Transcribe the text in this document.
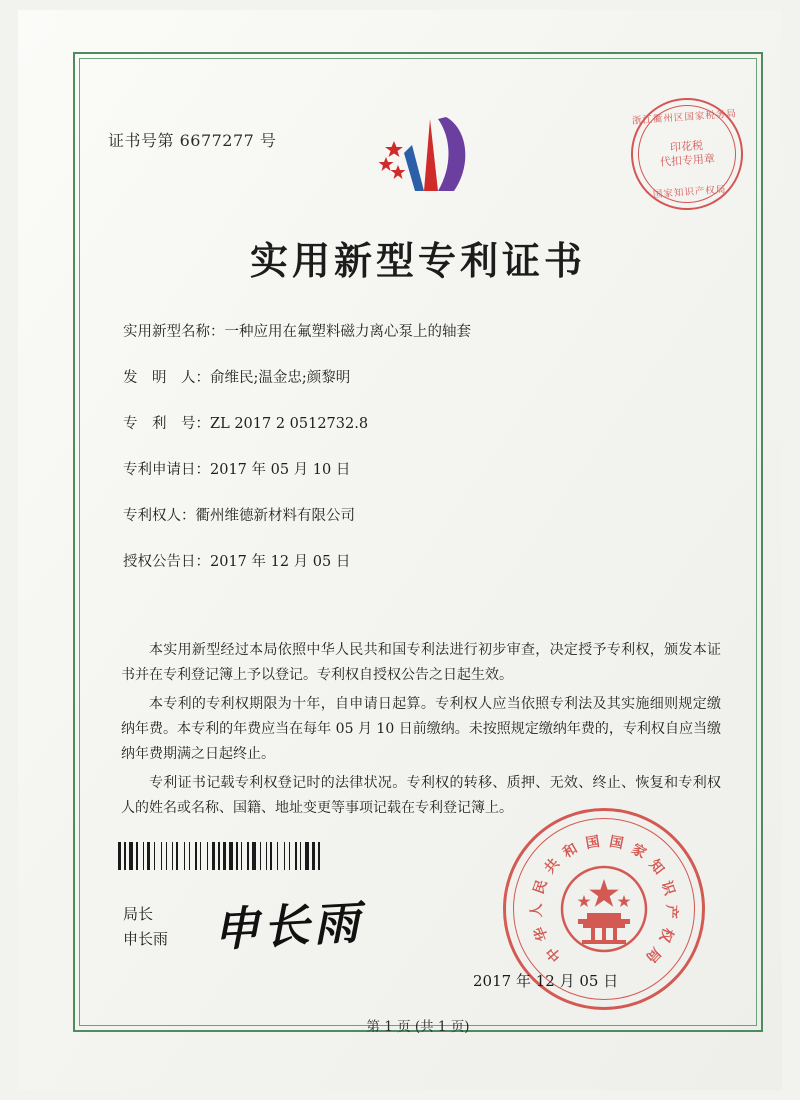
证书号第 6677277 号
浙江衢州区国家税务局
印花税
代扣专用章
国家知识产权局
实用新型专利证书
实用新型名称：一种应用在氟塑料磁力离心泵上的轴套
发　明　人：俞维民;温金忠;颜黎明
专　利　号：ZL 2017 2 0512732.8
专利申请日：2017 年 05 月 10 日
专利权人：衢州维德新材料有限公司
授权公告日：2017 年 12 月 05 日

本实用新型经过本局依照中华人民共和国专利法进行初步审查，决定授予专利权，颁发本证书并在专利登记簿上予以登记。专利权自授权公告之日起生效。

本专利的专利权期限为十年，自申请日起算。专利权人应当依照专利法及其实施细则规定缴纳年费。本专利的年费应当在每年 05 月 10 日前缴纳。未按照规定缴纳年费的，专利权自应当缴纳年费期满之日起终止。

专利证书记载专利权登记时的法律状况。专利权的转移、质押、无效、终止、恢复和专利权人的姓名或名称、国籍、地址变更等事项记载在专利登记簿上。

局长
申长雨 申长雨	中
华
人
民
共
和 国 国 家
知
识
产
权
局
2017 年 12 月 05 日
第 1 页 (共 1 页)
